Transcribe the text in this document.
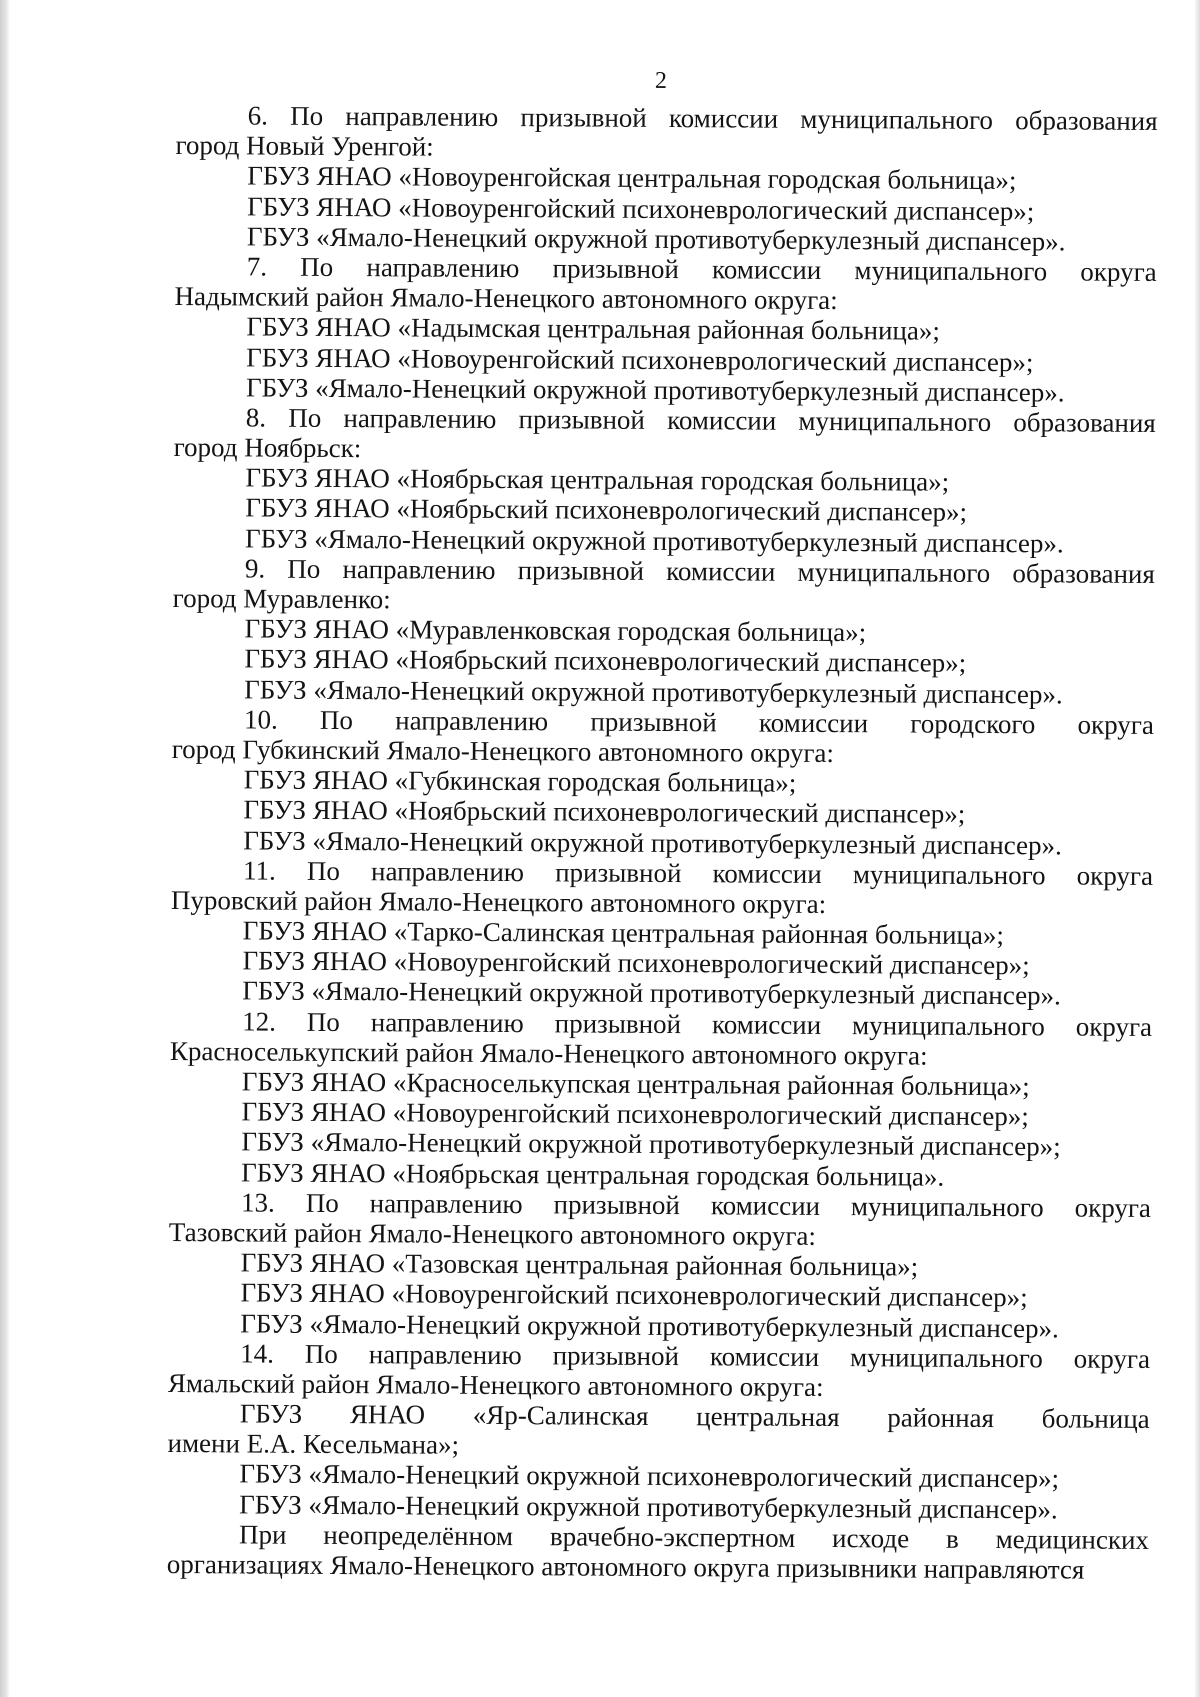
2
6. По направлению призывной комиссии муниципального образования
город Новый Уренгой:
ГБУЗ ЯНАО «Новоуренгойская центральная городская больница»;
ГБУЗ ЯНАО «Новоуренгойский психоневрологический диспансер»;
ГБУЗ «Ямало-Ненецкий окружной противотуберкулезный диспансер».
7. По направлению призывной комиссии муниципального округа
Надымский район Ямало-Ненецкого автономного округа:
ГБУЗ ЯНАО «Надымская центральная районная больница»;
ГБУЗ ЯНАО «Новоуренгойский психоневрологический диспансер»;
ГБУЗ «Ямало-Ненецкий окружной противотуберкулезный диспансер».
8. По направлению призывной комиссии муниципального образования
город Ноябрьск:
ГБУЗ ЯНАО «Ноябрьская центральная городская больница»;
ГБУЗ ЯНАО «Ноябрьский психоневрологический диспансер»;
ГБУЗ «Ямало-Ненецкий окружной противотуберкулезный диспансер».
9. По направлению призывной комиссии муниципального образования
город Муравленко:
ГБУЗ ЯНАО «Муравленковская городская больница»;
ГБУЗ ЯНАО «Ноябрьский психоневрологический диспансер»;
ГБУЗ «Ямало-Ненецкий окружной противотуберкулезный диспансер».
10. По направлению призывной комиссии городского округа
город Губкинский Ямало-Ненецкого автономного округа:
ГБУЗ ЯНАО «Губкинская городская больница»;
ГБУЗ ЯНАО «Ноябрьский психоневрологический диспансер»;
ГБУЗ «Ямало-Ненецкий окружной противотуберкулезный диспансер».
11. По направлению призывной комиссии муниципального округа
Пуровский район Ямало-Ненецкого автономного округа:
ГБУЗ ЯНАО «Тарко-Салинская центральная районная больница»;
ГБУЗ ЯНАО «Новоуренгойский психоневрологический диспансер»;
ГБУЗ «Ямало-Ненецкий окружной противотуберкулезный диспансер».
12. По направлению призывной комиссии муниципального округа
Красноселькупский район Ямало-Ненецкого автономного округа:
ГБУЗ ЯНАО «Красноселькупская центральная районная больница»;
ГБУЗ ЯНАО «Новоуренгойский психоневрологический диспансер»;
ГБУЗ «Ямало-Ненецкий окружной противотуберкулезный диспансер»;
ГБУЗ ЯНАО «Ноябрьская центральная городская больница».
13. По направлению призывной комиссии муниципального округа
Тазовский район Ямало-Ненецкого автономного округа:
ГБУЗ ЯНАО «Тазовская центральная районная больница»;
ГБУЗ ЯНАО «Новоуренгойский психоневрологический диспансер»;
ГБУЗ «Ямало-Ненецкий окружной противотуберкулезный диспансер».
14. По направлению призывной комиссии муниципального округа
Ямальский район Ямало-Ненецкого автономного округа:
ГБУЗ ЯНАО «Яр-Салинская центральная районная больница
имени Е.А. Кесельмана»;
ГБУЗ «Ямало-Ненецкий окружной психоневрологический диспансер»;
ГБУЗ «Ямало-Ненецкий окружной противотуберкулезный диспансер».
При неопределённом врачебно-экспертном исходе в медицинских
организациях Ямало-Ненецкого автономного округа призывники направляются
